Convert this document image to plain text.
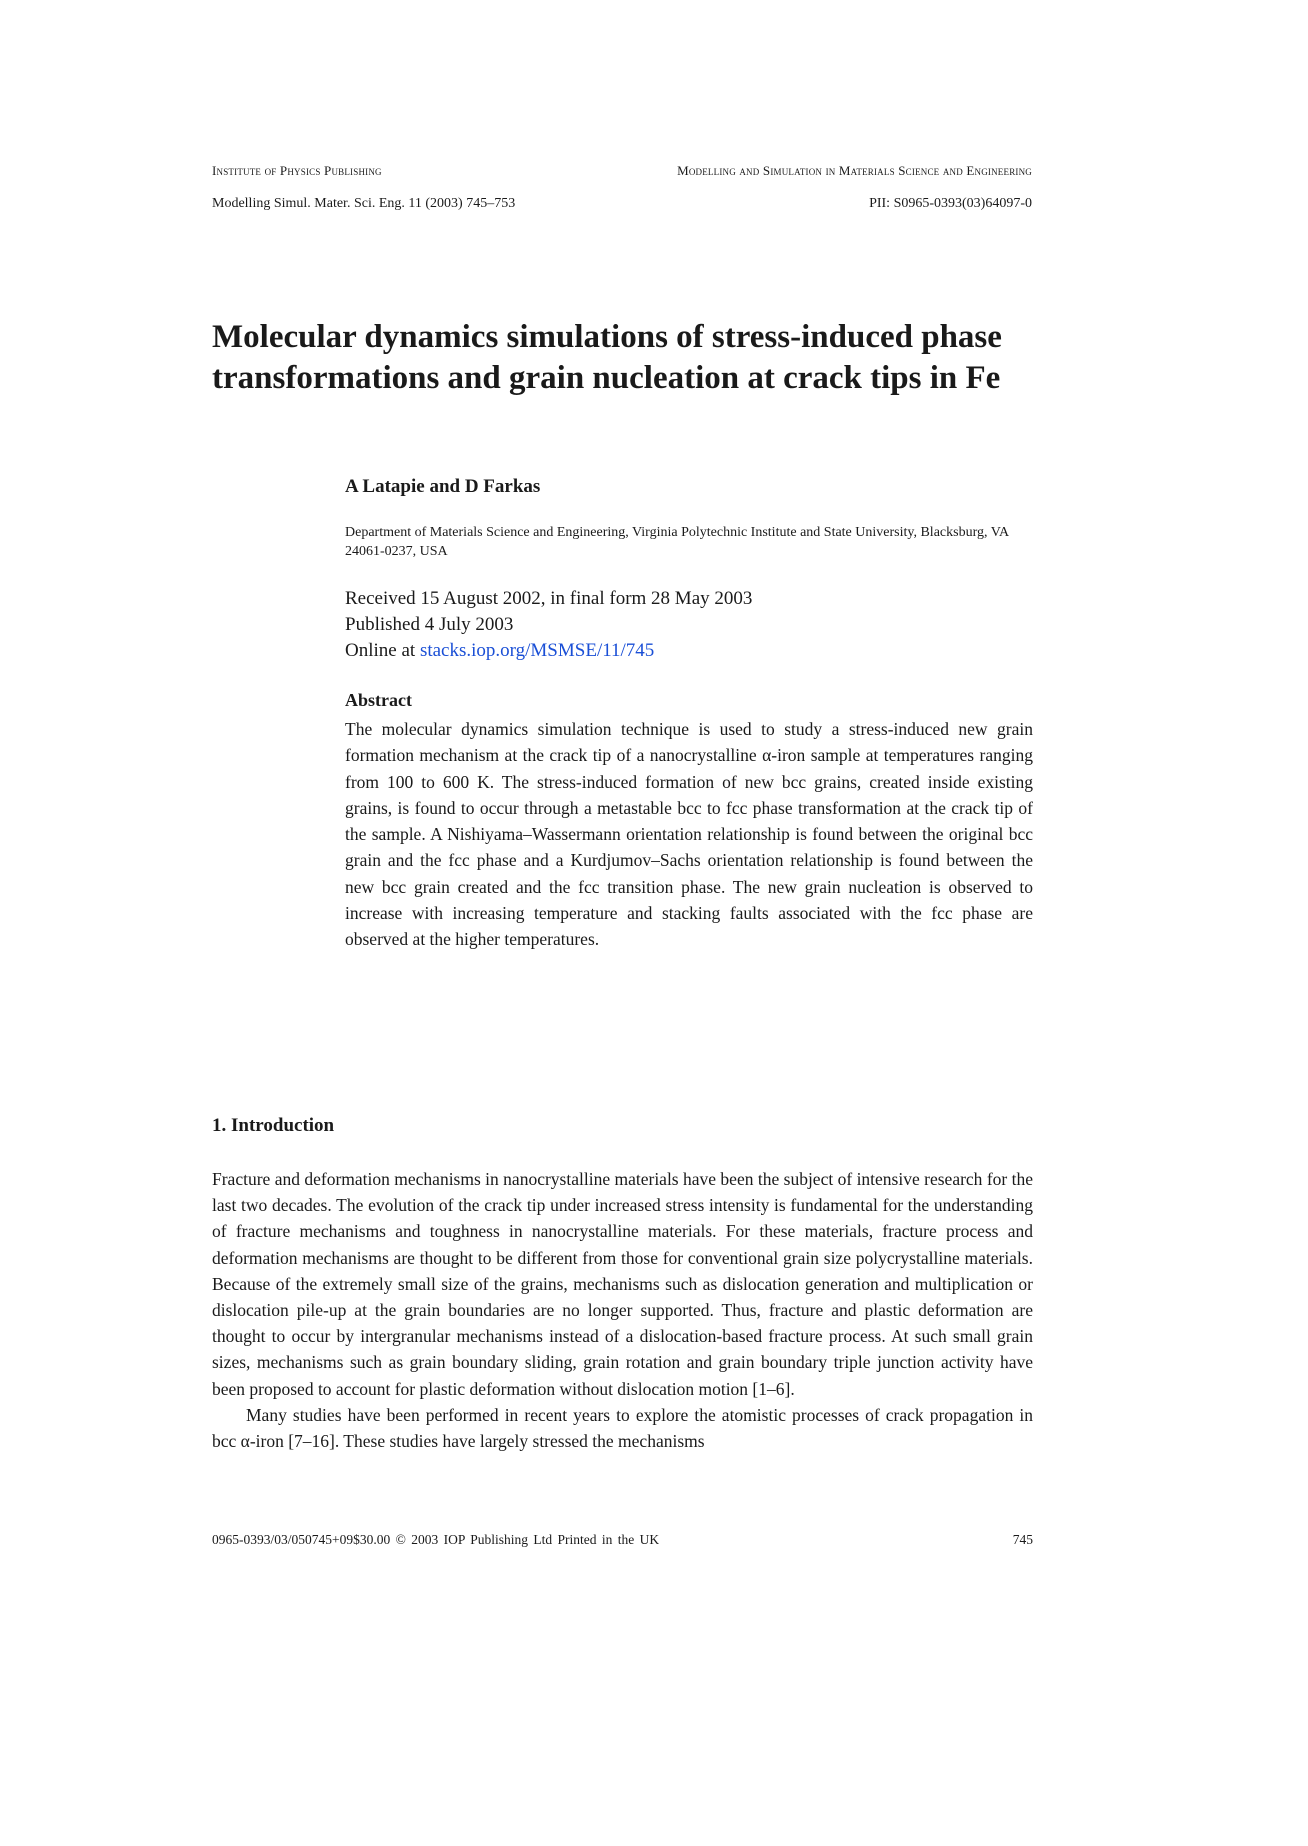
Institute of Physics Publishing	Modelling and Simulation in Materials Science and Engineering
Modelling Simul. Mater. Sci. Eng. 11 (2003) 745–753	PII: S0965-0393(03)64097-0
Molecular dynamics simulations of stress-induced phase transformations and grain nucleation at crack tips in Fe
A Latapie and D Farkas
Department of Materials Science and Engineering, Virginia Polytechnic Institute and State University, Blacksburg, VA 24061-0237, USA
Received 15 August 2002, in final form 28 May 2003
Published 4 July 2003
Online at stacks.iop.org/MSMSE/11/745
Abstract

The molecular dynamics simulation technique is used to study a stress-induced new grain formation mechanism at the crack tip of a nanocrystalline α-iron sample at temperatures ranging from 100 to 600 K. The stress-induced formation of new bcc grains, created inside existing grains, is found to occur through a metastable bcc to fcc phase transformation at the crack tip of the sample. A Nishiyama–Wassermann orientation relationship is found between the original bcc grain and the fcc phase and a Kurdjumov–Sachs orientation relationship is found between the new bcc grain created and the fcc transition phase. The new grain nucleation is observed to increase with increasing temperature and stacking faults associated with the fcc phase are observed at the higher temperatures.

1. Introduction

Fracture and deformation mechanisms in nanocrystalline materials have been the subject of intensive research for the last two decades. The evolution of the crack tip under increased stress intensity is fundamental for the understanding of fracture mechanisms and toughness in nanocrystalline materials. For these materials, fracture process and deformation mechanisms are thought to be different from those for conventional grain size polycrystalline materials. Because of the extremely small size of the grains, mechanisms such as dislocation generation and multiplication or dislocation pile-up at the grain boundaries are no longer supported. Thus, fracture and plastic deformation are thought to occur by intergranular mechanisms instead of a dislocation-based fracture process. At such small grain sizes, mechanisms such as grain boundary sliding, grain rotation and grain boundary triple junction activity have been proposed to account for plastic deformation without dislocation motion [1–6].

Many studies have been performed in recent years to explore the atomistic processes of crack propagation in bcc α-iron [7–16]. These studies have largely stressed the mechanisms

0965-0393/03/050745+09$30.00 © 2003 IOP Publishing Ltd Printed in the UK	745
